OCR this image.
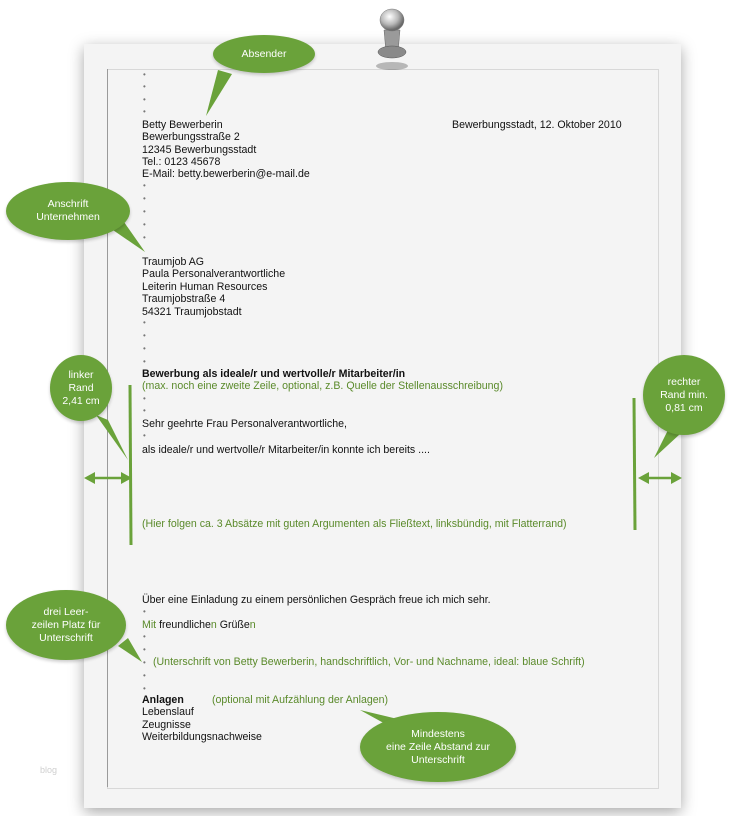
•
•
•
•
Betty Bewerberin
Bewerbungsstraße 2
12345 Bewerbungsstadt
Tel.: 0123 45678
E-Mail: betty.bewerberin@e-mail.de
•
•
•
•
•
Traumjob AG
Paula Personalverantwortliche
Leiterin Human Resources
Traumjobstraße 4
54321 Traumjobstadt
•
•
•
•
Bewerbung als ideale/r und wertvolle/r Mitarbeiter/in
(max. noch eine zweite Zeile, optional, z.B. Quelle der Stellenausschreibung)
•
•
Sehr geehrte Frau Personalverantwortliche,
•
als ideale/r und wertvolle/r Mitarbeiter/in konnte ich bereits ....
(Hier folgen ca. 3 Absätze mit guten Argumenten als Fließtext, linksbündig, mit Flatterrand)
Über eine Einladung zu einem persönlichen Gespräch freue ich mich sehr.
•
Mit freundlichen Grüßen
•
•
• (Unterschrift von Betty Bewerberin, handschriftlich, Vor- und Nachname, ideal: blaue Schrift)
•
•
Anlagen	(optional mit Aufzählung der Anlagen)
Lebenslauf
Zeugnisse
Weiterbildungsnachweise
Bewerbungsstadt, 12. Oktober 2010
Absender
Anschrift
Unternehmen
linker
Rand
2,41 cm
rechter
Rand min.
0,81 cm
drei Leer-
zeilen Platz für
Unterschrift
Mindestens
eine Zeile Abstand zur
Unterschrift
blog
